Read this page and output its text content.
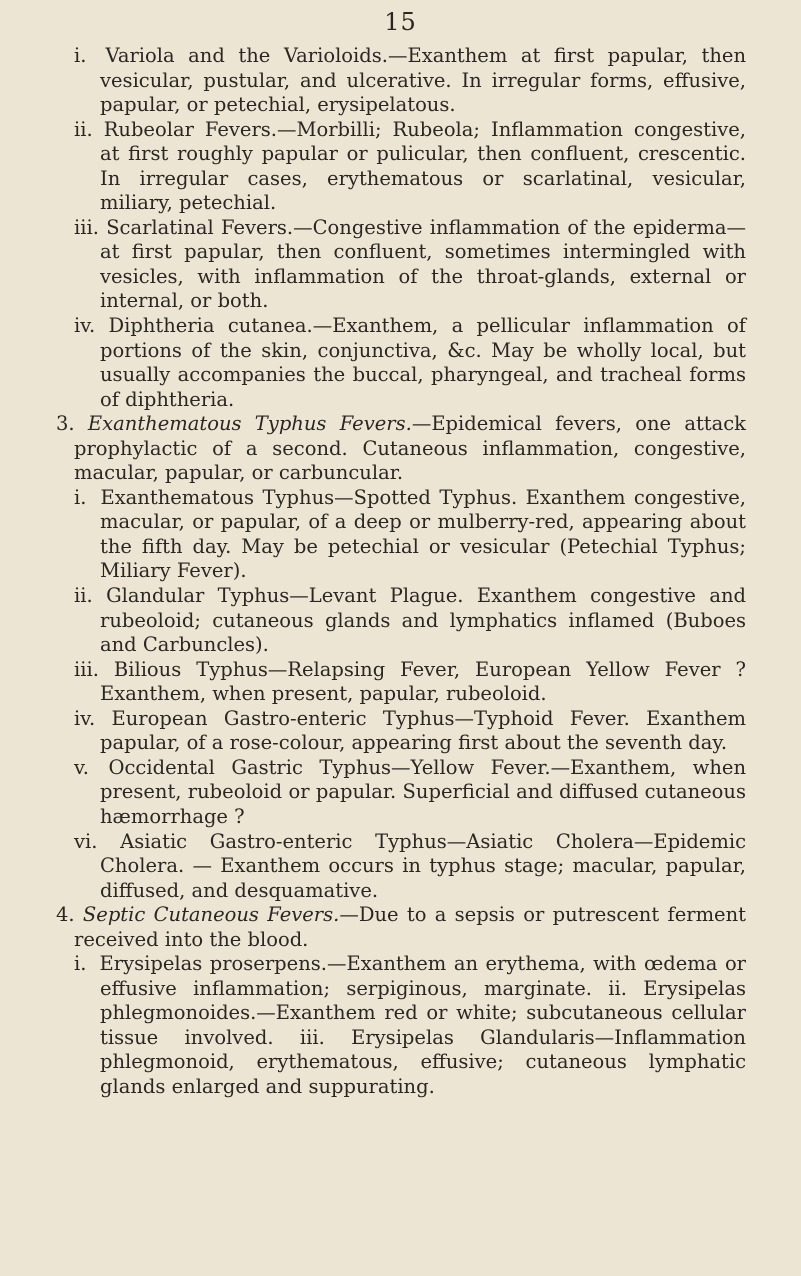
15

i. Variola and the Varioloids.—Exanthem at first papular, then vesicular, pustular, and ulcerative. In irregular forms, effusive, papular, or petechial, erysipelatous.

ii. Rubeolar Fevers.—Morbilli; Rubeola; Inflammation congestive, at first roughly papular or pulicular, then confluent, crescentic. In irregular cases, erythematous or scarlatinal, vesicular, miliary, petechial.

iii. Scarlatinal Fevers.—Congestive inflammation of the epiderma—at first papular, then confluent, sometimes intermingled with vesicles, with inflammation of the throat-glands, external or internal, or both.

iv. Diphtheria cutanea.—Exanthem, a pellicular inflammation of portions of the skin, conjunctiva, &c. May be wholly local, but usually accompanies the buccal, pharyngeal, and tracheal forms of diphtheria.

3. Exanthematous Typhus Fevers.—Epidemical fevers, one attack prophylactic of a second. Cutaneous inflammation, congestive, macular, papular, or carbuncular.

i. Exanthematous Typhus—Spotted Typhus. Exanthem congestive, macular, or papular, of a deep or mulberry-red, appearing about the fifth day. May be petechial or vesicular (Petechial Typhus; Miliary Fever).

ii. Glandular Typhus—Levant Plague. Exanthem congestive and rubeoloid; cutaneous glands and lymphatics inflamed (Buboes and Carbuncles).

iii. Bilious Typhus—Relapsing Fever, European Yellow Fever ? Exanthem, when present, papular, rubeoloid.

iv. European Gastro-enteric Typhus—Typhoid Fever. Exanthem papular, of a rose-colour, appearing first about the seventh day.

v. Occidental Gastric Typhus—Yellow Fever.—Exanthem, when present, rubeoloid or papular. Superficial and diffused cutaneous hæmorrhage ?

vi. Asiatic Gastro-enteric Typhus—Asiatic Cholera—Epidemic Cholera. — Exanthem occurs in typhus stage; macular, papular, diffused, and desquamative.

4. Septic Cutaneous Fevers.—Due to a sepsis or putrescent ferment received into the blood.

i. Erysipelas proserpens.—Exanthem an erythema, with œdema or effusive inflammation; serpiginous, marginate. ii. Erysipelas phlegmonoides.—Exanthem red or white; subcutaneous cellular tissue involved. iii. Erysipelas Glandularis—Inflammation phlegmonoid, erythematous, effusive; cutaneous lymphatic glands enlarged and suppurating.
